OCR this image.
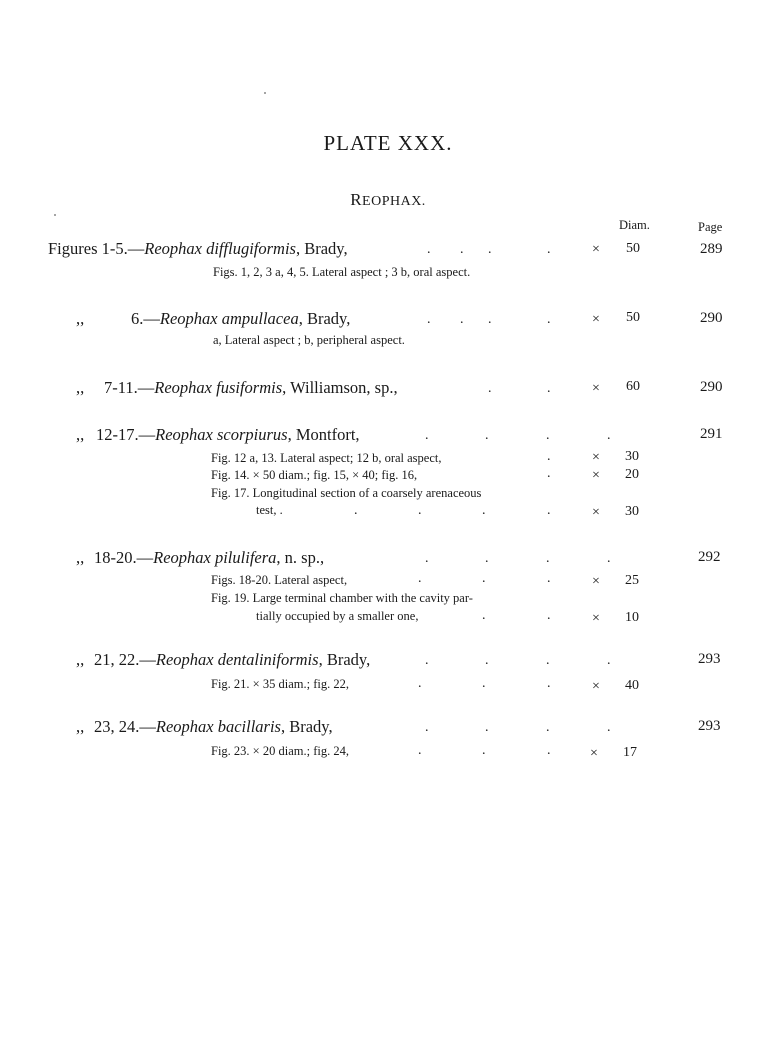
PLATE XXX.
REOPHAX.
Diam.	Page
Figures 1-5.—Reophax difflugiformis, Brady,	. . .	.	× 50	289
Figs. 1, 2, 3 a, 4, 5. Lateral aspect ; 3 b, oral aspect.
,,	6.—Reophax ampullacea, Brady,	. . .	.	× 50	290
a, Lateral aspect ; b, peripheral aspect.
,, 7-11.—Reophax fusiformis, Williamson, sp.,	.	.	× 60	290
,, 12-17.—Reophax scorpiurus, Montfort,	.	.	.	.	291
Fig. 12 a, 13. Lateral aspect; 12 b, oral aspect,	.	× 30
Fig. 14. × 50 diam.; fig. 15, × 40; fig. 16,	.	× 20
Fig. 17. Longitudinal section of a coarsely arenaceous
test, .	.	.	.	.	× 30
,, 18-20.—Reophax pilulifera, n. sp.,	.	.	.	.	292
Figs. 18-20. Lateral aspect,	.	.	.	× 25
Fig. 19. Large terminal chamber with the cavity par-
tially occupied by a smaller one,	.	.	× 10
,, 21, 22.—Reophax dentaliniformis, Brady,	.	.	.	.	293
Fig. 21. × 35 diam.; fig. 22,	.	.	.	× 40
,, 23, 24.—Reophax bacillaris, Brady,	.	.	.	.	293
Fig. 23. × 20 diam.; fig. 24,	.	.	.	× 17
